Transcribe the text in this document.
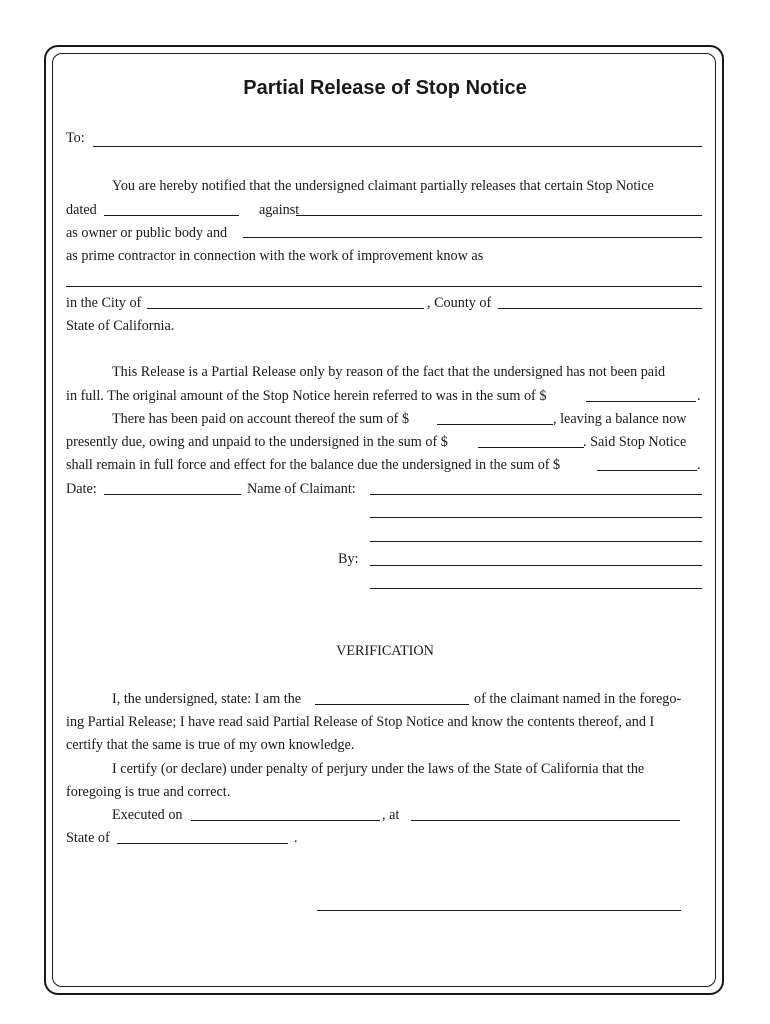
Partial Release of Stop Notice
To:
You are hereby notified that the undersigned claimant partially releases that certain Stop Notice
dated	against
as owner or public body and
as prime contractor in connection with the work of improvement know as
in the City of	, County of
State of California.
This Release is a Partial Release only by reason of the fact that the undersigned has not been paid
in full. The original amount of the Stop Notice herein referred to was in the sum of $	.
There has been paid on account thereof the sum of $	, leaving a balance now
presently due, owing and unpaid to the undersigned in the sum of $	. Said Stop Notice
shall remain in full force and effect for the balance due the undersigned in the sum of $	.
Date:	Name of Claimant:
By:
VERIFICATION
I, the undersigned, state: I am the	of the claimant named in the forego-
ing Partial Release; I have read said Partial Release of Stop Notice and know the contents thereof, and I
certify that the same is true of my own knowledge.
I certify (or declare) under penalty of perjury under the laws of the State of California that the
foregoing is true and correct.
Executed on	, at
State of	.
